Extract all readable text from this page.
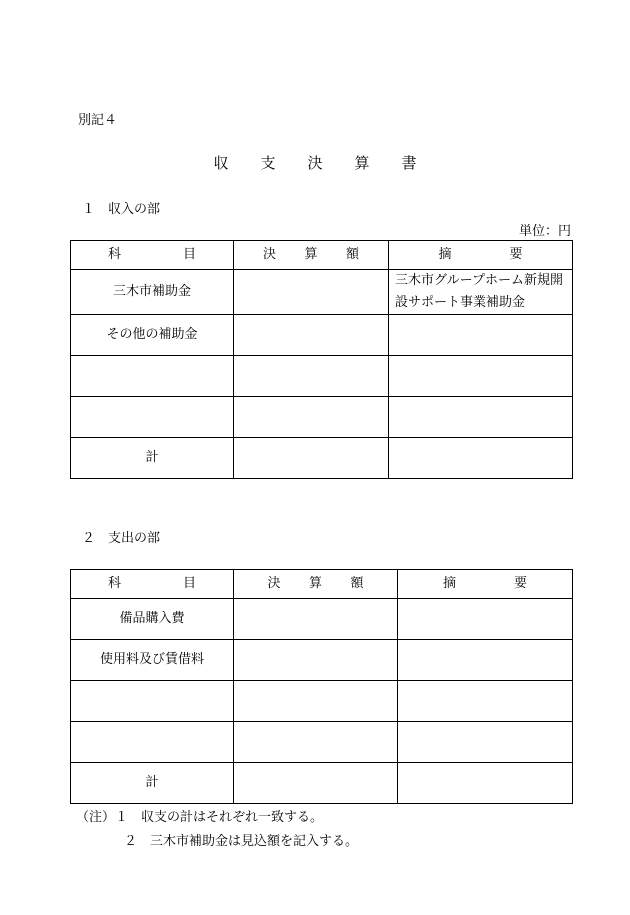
別記４
収支決算書
１　収入の部
単位：円
科 目	決 算 額	摘 要

三木市補助金		三木市グループホーム新規開設サポート事業補助金

その他の補助金		

計		
２　支出の部
科 目	決 算 額	摘 要

備品購入費		
使用料及び賃借料		

計		
（注）１　収支の計はそれぞれ一致する。
２　三木市補助金は見込額を記入する。
